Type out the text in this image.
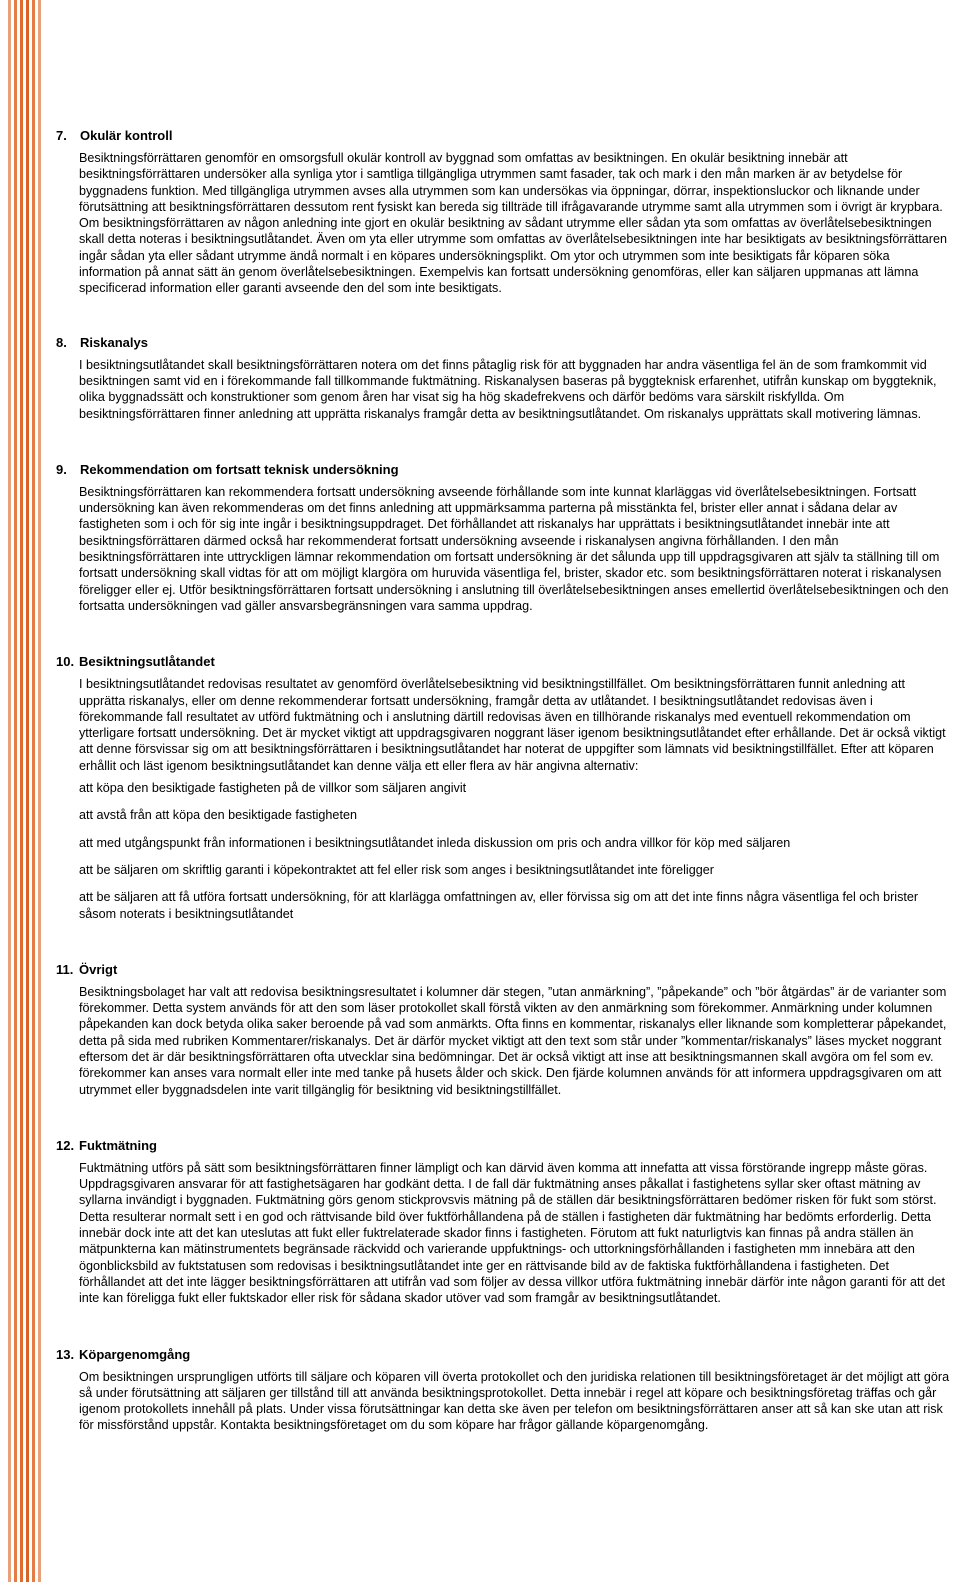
7.	Okulär kontroll

Besiktningsförrättaren genomför en omsorgsfull okulär kontroll av byggnad som omfattas av besiktningen. En okulär besiktning innebär att besiktningsförrättaren undersöker alla synliga ytor i samtliga tillgängliga utrymmen samt fasader, tak och mark i den mån marken är av betydelse för byggnadens funktion. Med tillgängliga utrymmen avses alla utrymmen som kan undersökas via öppningar, dörrar, inspektionsluckor och liknande under förutsättning att besiktningsförrättaren dessutom rent fysiskt kan bereda sig tillträde till ifrågavarande utrymme samt alla utrymmen som i övrigt är krypbara. Om besiktningsförrättaren av någon anledning inte gjort en okulär besiktning av sådant utrymme eller sådan yta som omfattas av överlåtelsebesiktningen skall detta noteras i besiktningsutlåtandet. Även om yta eller utrymme som omfattas av överlåtelsebesiktningen inte har besiktigats av besiktningsförrättaren ingår sådan yta eller sådant utrymme ändå normalt i en köpares undersökningsplikt. Om ytor och utrymmen som inte besiktigats får köparen söka information på annat sätt än genom överlåtelsebesiktningen. Exempelvis kan fortsatt undersökning genomföras, eller kan säljaren uppmanas att lämna specificerad information eller garanti avseende den del som inte besiktigats.

8.	Riskanalys

I besiktningsutlåtandet skall besiktningsförrättaren notera om det finns påtaglig risk för att byggnaden har andra väsentliga fel än de som framkommit vid besiktningen samt vid en i förekommande fall tillkommande fuktmätning. Riskanalysen baseras på byggteknisk erfarenhet, utifrån kunskap om byggteknik, olika byggnadssätt och konstruktioner som genom åren har visat sig ha hög skadefrekvens och därför bedöms vara särskilt riskfyllda. Om besiktningsförrättaren finner anledning att upprätta riskanalys framgår detta av besiktningsutlåtandet. Om riskanalys upprättats skall motivering lämnas.

9.	Rekommendation om fortsatt teknisk undersökning

Besiktningsförrättaren kan rekommendera fortsatt undersökning avseende förhållande som inte kunnat klarläggas vid överlåtelsebesiktningen. Fortsatt undersökning kan även rekommenderas om det finns anledning att uppmärksamma parterna på misstänkta fel, brister eller annat i sådana delar av fastigheten som i och för sig inte ingår i besiktningsuppdraget. Det förhållandet att riskanalys har upprättats i besiktningsutlåtandet innebär inte att besiktningsförrättaren därmed också har rekommenderat fortsatt undersökning avseende i riskanalysen angivna förhållanden. I den mån besiktningsförrättaren inte uttryckligen lämnar rekommendation om fortsatt undersökning är det sålunda upp till uppdragsgivaren att själv ta ställning till om fortsatt undersökning skall vidtas för att om möjligt klargöra om huruvida väsentliga fel, brister, skador etc. som besiktningsförrättaren noterat i riskanalysen föreligger eller ej. Utför besiktningsförrättaren fortsatt undersökning i anslutning till överlåtelsebesiktningen anses emellertid överlåtelsebesiktningen och den fortsatta undersökningen vad gäller ansvarsbegränsningen vara samma uppdrag.

10. Besiktningsutlåtandet

I besiktningsutlåtandet redovisas resultatet av genomförd överlåtelsebesiktning vid besiktningstillfället. Om besiktningsförrättaren funnit anledning att upprätta riskanalys, eller om denne rekommenderar fortsatt undersökning, framgår detta av utlåtandet. I besiktningsutlåtandet redovisas även i förekommande fall resultatet av utförd fuktmätning och i anslutning därtill redovisas även en tillhörande riskanalys med eventuell rekommendation om ytterligare fortsatt undersökning. Det är mycket viktigt att uppdragsgivaren noggrant läser igenom besiktningsutlåtandet efter erhållande. Det är också viktigt att denne försvissar sig om att besiktningsförrättaren i besiktningsutlåtandet har noterat de uppgifter som lämnats vid besiktningstillfället. Efter att köparen erhållit och läst igenom besiktningsutlåtandet kan denne välja ett eller flera av här angivna alternativ:

att köpa den besiktigade fastigheten på de villkor som säljaren angivit

att avstå från att köpa den besiktigade fastigheten

att med utgångspunkt från informationen i besiktningsutlåtandet inleda diskussion om pris och andra villkor för köp med säljaren

att be säljaren om skriftlig garanti i köpekontraktet att fel eller risk som anges i besiktningsutlåtandet inte föreligger

att be säljaren att få utföra fortsatt undersökning, för att klarlägga omfattningen av, eller förvissa sig om att det inte finns några väsentliga fel och brister såsom noterats i besiktningsutlåtandet

11. Övrigt

Besiktningsbolaget har valt att redovisa besiktningsresultatet i kolumner där stegen, ”utan anmärkning”, ”påpekande” och ”bör åtgärdas” är de varianter som förekommer. Detta system används för att den som läser protokollet skall förstå vikten av den anmärkning som förekommer. Anmärkning under kolumnen påpekanden kan dock betyda olika saker beroende på vad som anmärkts. Ofta finns en kommentar, riskanalys eller liknande som kompletterar påpekandet, detta på sida med rubriken Kommentarer/riskanalys. Det är därför mycket viktigt att den text som står under ”kommentar/riskanalys” läses mycket noggrant eftersom det är där besiktningsförrättaren ofta utvecklar sina bedömningar. Det är också viktigt att inse att besiktningsmannen skall avgöra om fel som ev. förekommer kan anses vara normalt eller inte med tanke på husets ålder och skick. Den fjärde kolumnen används för att informera uppdragsgivaren om att utrymmet eller byggnadsdelen inte varit tillgänglig för besiktning vid besiktningstillfället.

12. Fuktmätning

Fuktmätning utförs på sätt som besiktningsförrättaren finner lämpligt och kan därvid även komma att innefatta att vissa förstörande ingrepp måste göras. Uppdragsgivaren ansvarar för att fastighetsägaren har godkänt detta. I de fall där fuktmätning anses påkallat i fastighetens syllar sker oftast mätning av syllarna invändigt i byggnaden. Fuktmätning görs genom stickprovsvis mätning på de ställen där besiktningsförrättaren bedömer risken för fukt som störst. Detta resulterar normalt sett i en god och rättvisande bild över fuktförhållandena på de ställen i fastigheten där fuktmätning har bedömts erforderlig. Detta innebär dock inte att det kan uteslutas att fukt eller fuktrelaterade skador finns i fastigheten. Förutom att fukt naturligtvis kan finnas på andra ställen än mätpunkterna kan mätinstrumentets begränsade räckvidd och varierande uppfuktnings- och uttorkningsförhållanden i fastigheten mm innebära att den ögonblicksbild av fuktstatusen som redovisas i besiktningsutlåtandet inte ger en rättvisande bild av de faktiska fuktförhållandena i fastigheten. Det förhållandet att det inte lägger besiktningsförrättaren att utifrån vad som följer av dessa villkor utföra fuktmätning innebär därför inte någon garanti för att det inte kan föreligga fukt eller fuktskador eller risk för sådana skador utöver vad som framgår av besiktningsutlåtandet.

13. Köpargenomgång

Om besiktningen ursprungligen utförts till säljare och köparen vill överta protokollet och den juridiska relationen till besiktningsföretaget är det möjligt att göra så under förutsättning att säljaren ger tillstånd till att använda besiktningsprotokollet. Detta innebär i regel att köpare och besiktningsföretag träffas och går igenom protokollets innehåll på plats. Under vissa förutsättningar kan detta ske även per telefon om besiktningsförrättaren anser att så kan ske utan att risk för missförstånd uppstår. Kontakta besiktningsföretaget om du som köpare har frågor gällande köpargenomgång.
